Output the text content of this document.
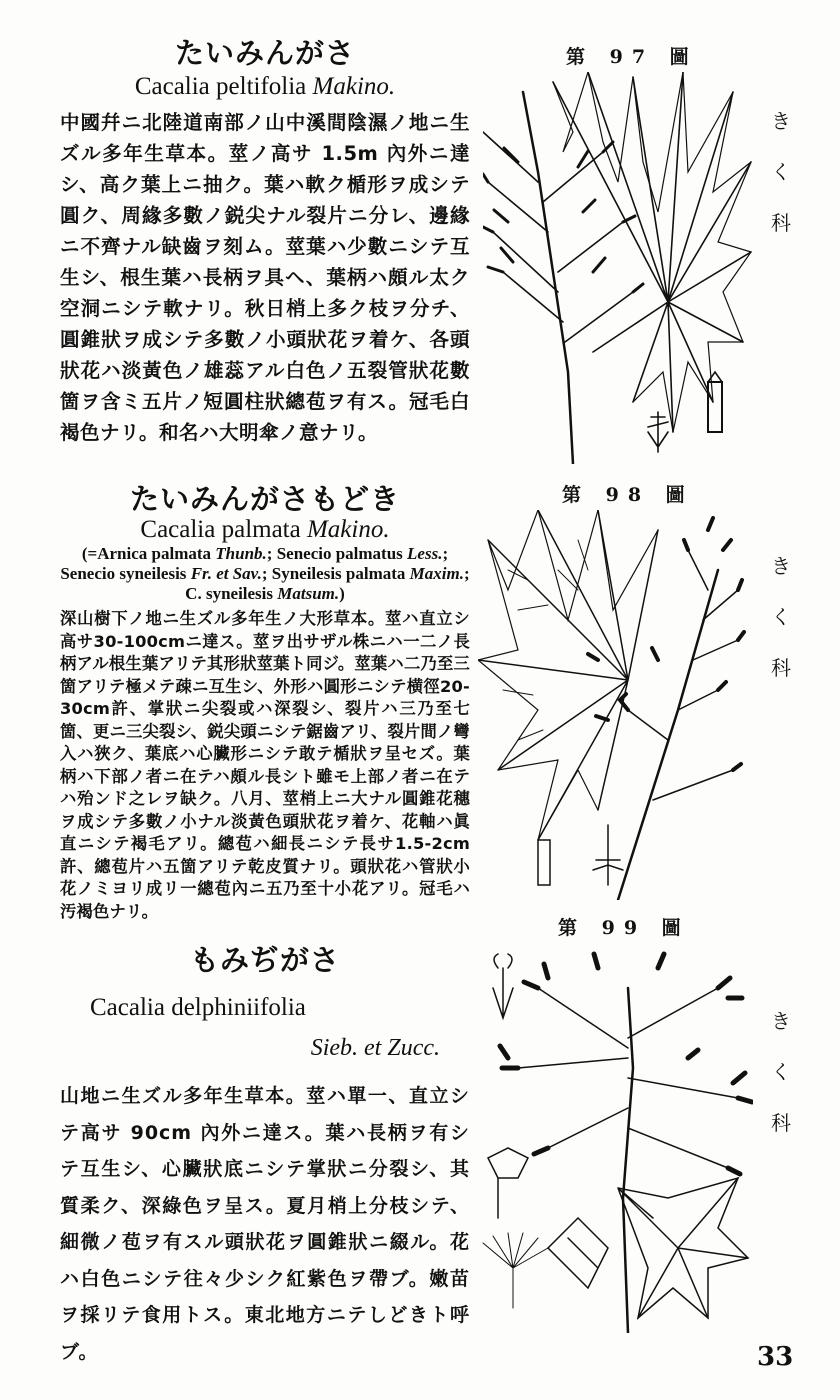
たいみんがさ
Cacalia peltifolia Makino.
中國幷ニ北陸道南部ノ山中溪間陰濕ノ地ニ生ズル多年生草本。莖ノ高サ 1.5m 內外ニ達シ、高ク葉上ニ抽ク。葉ハ軟ク楯形ヲ成シテ圓ク、周緣多數ノ鋭尖ナル裂片ニ分レ、邊緣ニ不齊ナル缺齒ヲ刻ム。莖葉ハ少數ニシテ互生シ、根生葉ハ長柄ヲ具ヘ、葉柄ハ頗ル太ク空洞ニシテ軟ナリ。秋日梢上多ク枝ヲ分チ、圓錐狀ヲ成シテ多數ノ小頭狀花ヲ着ケ、各頭狀花ハ淡黃色ノ雄蕊アル白色ノ五裂管狀花數箇ヲ含ミ五片ノ短圓柱狀總苞ヲ有ス。冠毛白褐色ナリ。和名ハ大明傘ノ意ナリ。
たいみんがさもどき
Cacalia palmata Makino.
(=Arnica palmata Thunb.; Senecio palmatus Less.; Senecio syneilesis Fr. et Sav.; Syneilesis palmata Maxim.; C. syneilesis Matsum.)
深山樹下ノ地ニ生ズル多年生ノ大形草本。莖ハ直立シ高サ30-100cmニ達ス。莖ヲ出サザル株ニハ一二ノ長柄アル根生葉アリテ其形狀莖葉ト同ジ。莖葉ハ二乃至三箇アリテ極メテ疎ニ互生シ、外形ハ圓形ニシテ横徑20-30cm許、掌狀ニ尖裂或ハ深裂シ、裂片ハ三乃至七箇、更ニ三尖裂シ、鋭尖頭ニシテ鋸齒アリ、裂片間ノ彎入ハ狹ク、葉底ハ心臟形ニシテ敢テ楯狀ヲ呈セズ。葉柄ハ下部ノ者ニ在テハ頗ル長シト雖モ上部ノ者ニ在テハ殆ンド之レヲ缺ク。八月、莖梢上ニ大ナル圓錐花穗ヲ成シテ多數ノ小ナル淡黃色頭狀花ヲ着ケ、花軸ハ眞直ニシテ褐毛アリ。總苞ハ細長ニシテ長サ1.5-2cm許、總苞片ハ五箇アリテ乾皮質ナリ。頭狀花ハ管狀小花ノミヨリ成リ一總苞內ニ五乃至十小花アリ。冠毛ハ汚褐色ナリ。
もみぢがさ
Cacalia delphiniifolia
Sieb. et Zucc.
山地ニ生ズル多年生草本。莖ハ單一、直立シテ高サ 90cm 內外ニ達ス。葉ハ長柄ヲ有シテ互生シ、心臟狀底ニシテ掌狀ニ分裂シ、其質柔ク、深綠色ヲ呈ス。夏月梢上分枝シテ、細微ノ苞ヲ有スル頭狀花ヲ圓錐狀ニ綴ル。花ハ白色ニシテ往々少シク紅紫色ヲ帶ブ。嫩苗ヲ採リテ食用トス。東北地方ニテしどきト呼ブ。
第 97 圖
第 98 圖
第 99 圖
き
く
科
き
く
科
き
く
科
33
